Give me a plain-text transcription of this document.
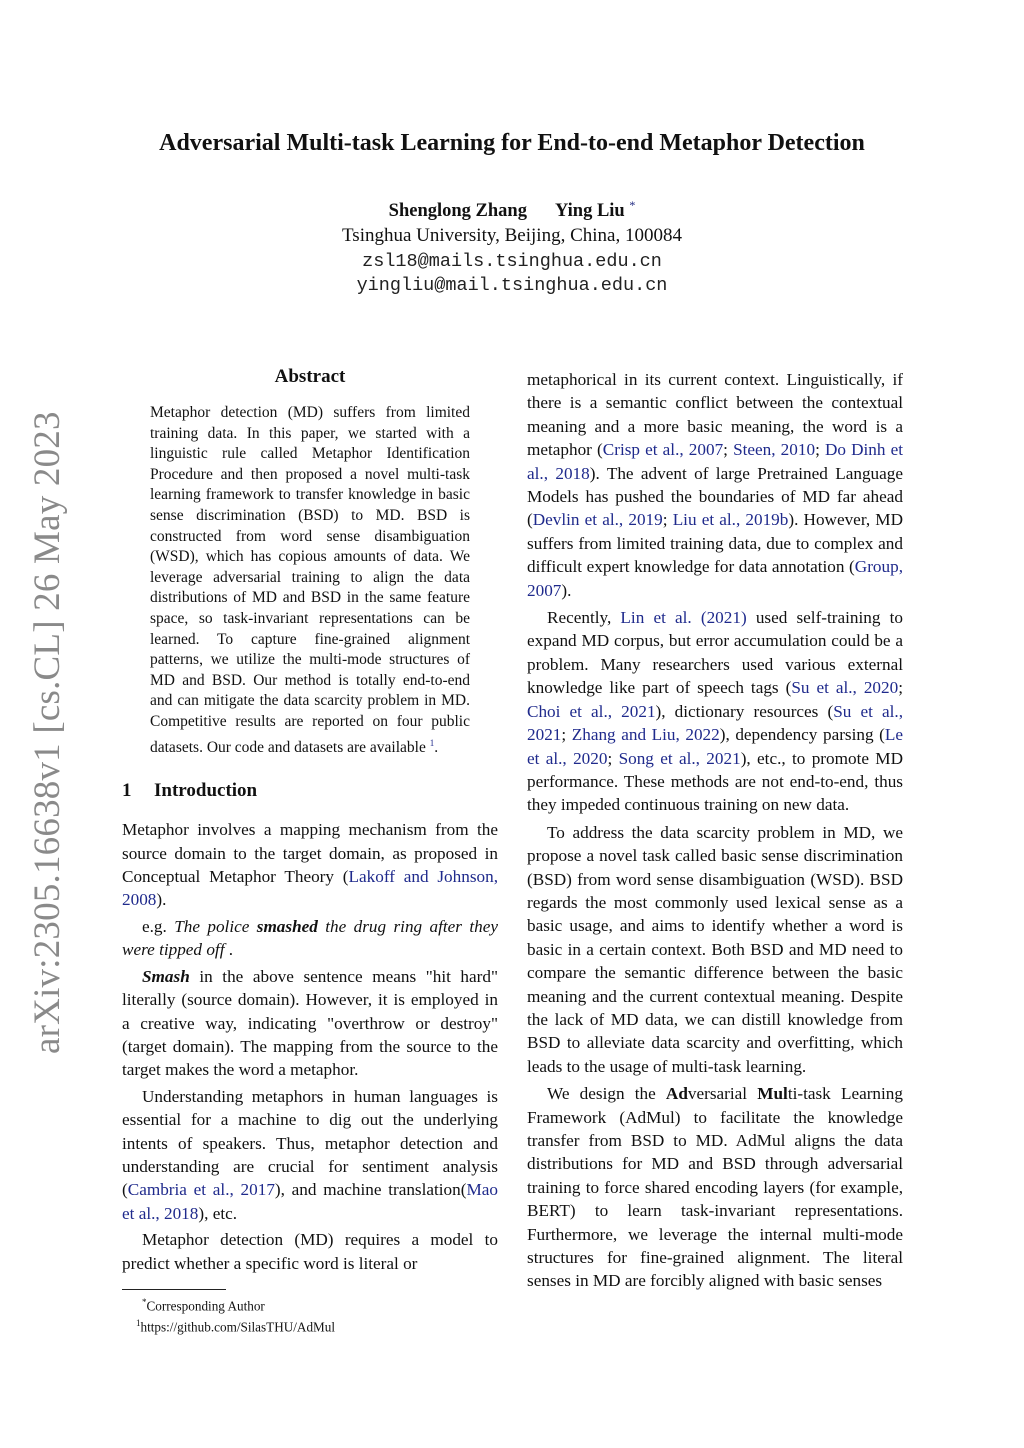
arXiv:2305.16638v1 [cs.CL] 26 May 2023
Adversarial Multi-task Learning for End-to-end Metaphor Detection
Shenglong Zhang Ying Liu *
Tsinghua University, Beijing, China, 100084
zsl18@mails.tsinghua.edu.cn
yingliu@mail.tsinghua.edu.cn
Abstract

Metaphor detection (MD) suffers from limited training data. In this paper, we started with a linguistic rule called Metaphor Identification Procedure and then proposed a novel multi-task learning framework to transfer knowledge in basic sense discrimination (BSD) to MD. BSD is constructed from word sense disambiguation (WSD), which has copious amounts of data. We leverage adversarial training to align the data distributions of MD and BSD in the same feature space, so task-invariant representations can be learned. To capture fine-grained alignment patterns, we utilize the multi-mode structures of MD and BSD. Our method is totally end-to-end and can mitigate the data scarcity problem in MD. Competitive results are reported on four public datasets. Our code and datasets are available $^1$.

1 Introduction

Metaphor involves a mapping mechanism from the source domain to the target domain, as proposed in Conceptual Metaphor Theory (Lakoff and Johnson, 2008).

e.g. The police smashed the drug ring after they were tipped off .

Smash in the above sentence means "hit hard" literally (source domain). However, it is employed in a creative way, indicating "overthrow or destroy" (target domain). The mapping from the source to the target makes the word a metaphor.

Understanding metaphors in human languages is essential for a machine to dig out the underlying intents of speakers. Thus, metaphor detection and understanding are crucial for sentiment analysis (Cambria et al., 2017), and machine translation(Mao et al., 2018), etc.

Metaphor detection (MD) requires a model to predict whether a specific word is literal or

metaphorical in its current context. Linguistically, if there is a semantic conflict between the contextual meaning and a more basic meaning, the word is a metaphor (Crisp et al., 2007; Steen, 2010; Do Dinh et al., 2018). The advent of large Pretrained Language Models has pushed the boundaries of MD far ahead (Devlin et al., 2019; Liu et al., 2019b). However, MD suffers from limited training data, due to complex and difficult expert knowledge for data annotation (Group, 2007).

Recently, Lin et al. (2021) used self-training to expand MD corpus, but error accumulation could be a problem. Many researchers used various external knowledge like part of speech tags (Su et al., 2020; Choi et al., 2021), dictionary resources (Su et al., 2021; Zhang and Liu, 2022), dependency parsing (Le et al., 2020; Song et al., 2021), etc., to promote MD performance. These methods are not end-to-end, thus they impeded continuous training on new data.

To address the data scarcity problem in MD, we propose a novel task called basic sense discrimination (BSD) from word sense disambiguation (WSD). BSD regards the most commonly used lexical sense as a basic usage, and aims to identify whether a word is basic in a certain context. Both BSD and MD need to compare the semantic difference between the basic meaning and the current contextual meaning. Despite the lack of MD data, we can distill knowledge from BSD to alleviate data scarcity and overfitting, which leads to the usage of multi-task learning.

We design the Adversarial Multi-task Learning Framework (AdMul) to facilitate the knowledge transfer from BSD to MD. AdMul aligns the data distributions for MD and BSD through adversarial training to force shared encoding layers (for example, BERT) to learn task-invariant representations. Furthermore, we leverage the internal multi-mode structures for fine-grained alignment. The literal senses in MD are forcibly aligned with basic senses

*Corresponding Author
$^1$https://github.com/SilasTHU/AdMul
